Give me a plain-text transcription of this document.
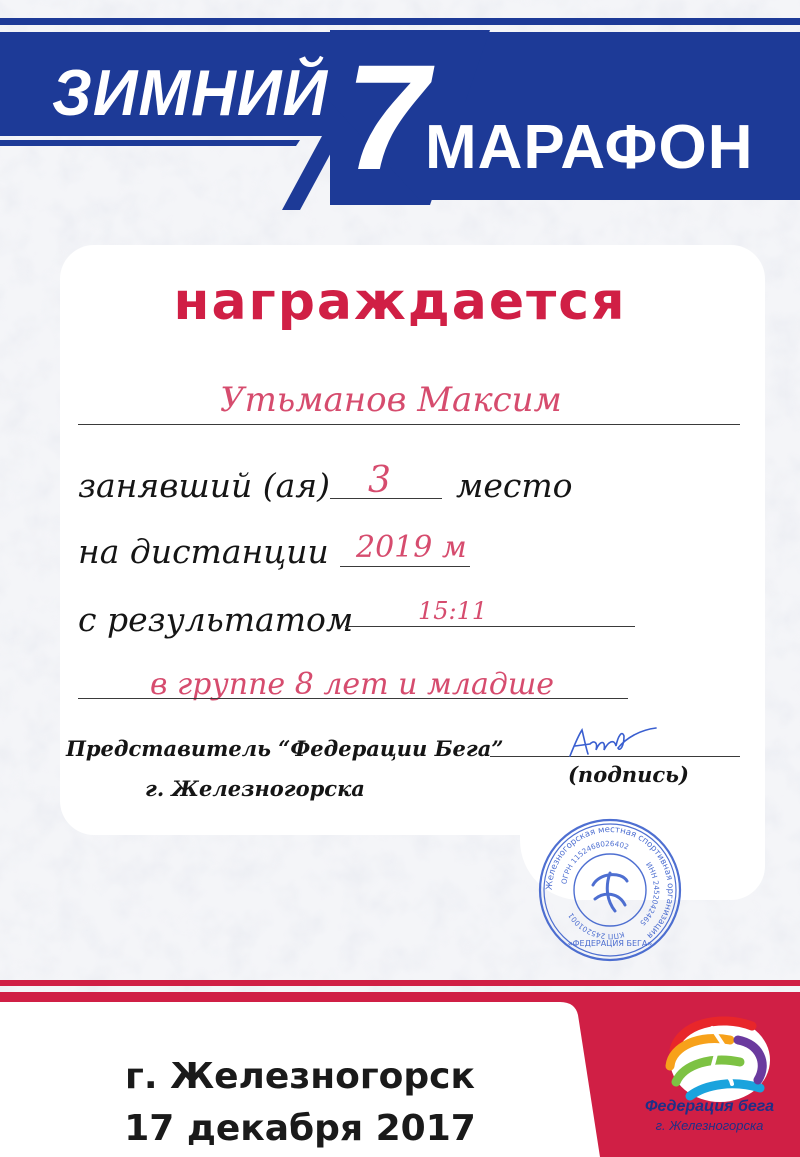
ЗИМНИЙ 7
МАРАФОН
награждается
Утьманов Максим
занявший (ая) 3 место
на дистанции 2019 м
с результатом	15:11
в группе 8 лет и младше
Представитель “Федерации Бега”
г. Железногорска
(подпись)
Железногорская местная спортивная организация
ОГРН 1152468026402
ИНН 2452042465
КПП 245201001
«ФЕДЕРАЦИЯ БЕГА»
г. Железногорск
17 декабря 2017
Федерация бега
г. Железногорска
